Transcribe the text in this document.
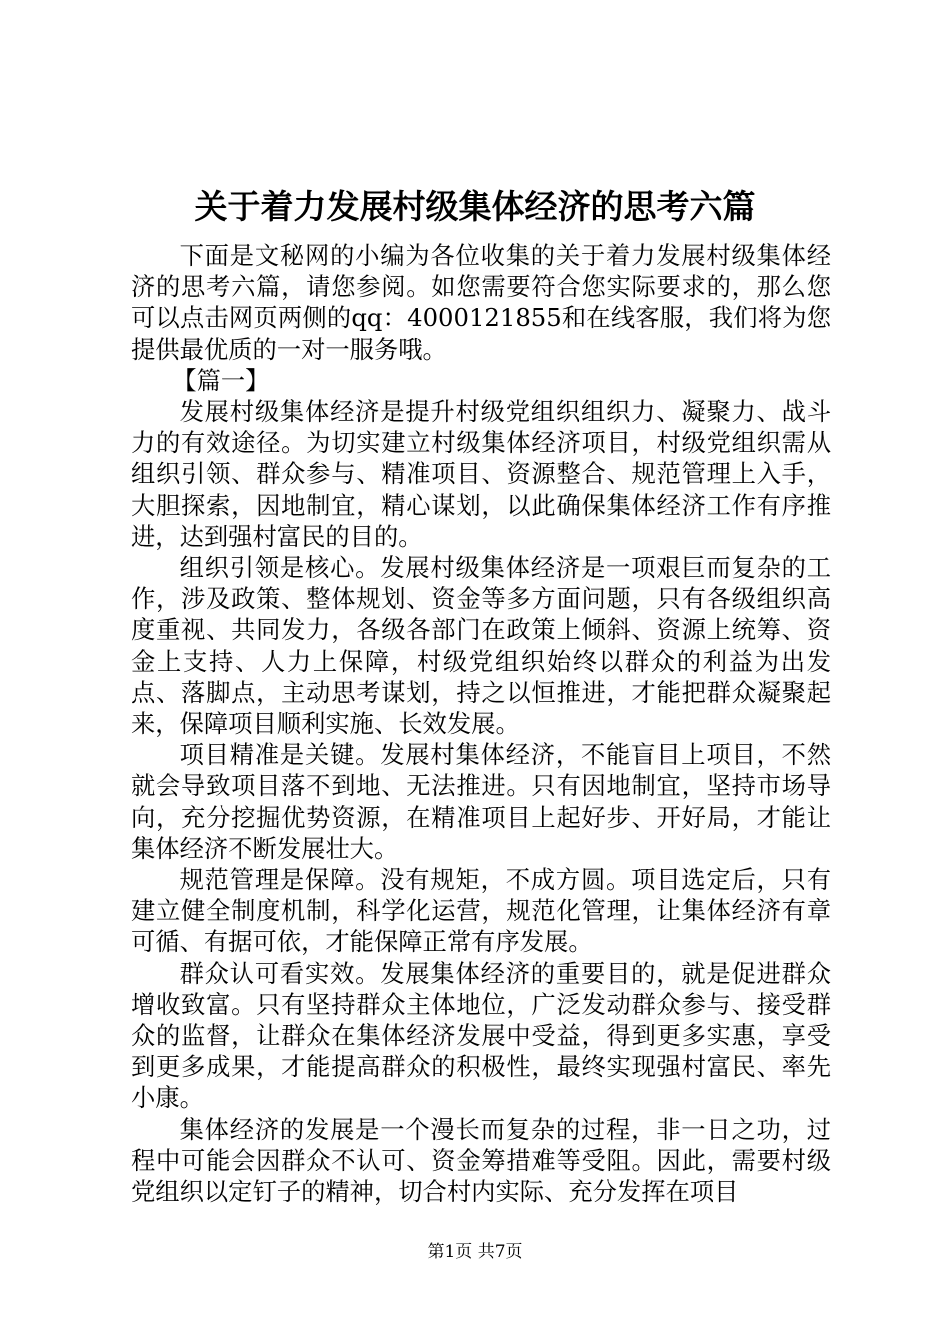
关于着力发展村级集体经济的思考六篇

下面是文秘网的小编为各位收集的关于着力发展村级集体经济的思考六篇，请您参阅。如您需要符合您实际要求的，那么您可以点击网页两侧的qq：4000121855和在线客服，我们将为您提供最优质的一对一服务哦。

【篇一】

发展村级集体经济是提升村级党组织组织力、凝聚力、战斗力的有效途径。为切实建立村级集体经济项目，村级党组织需从组织引领、群众参与、精准项目、资源整合、规范管理上入手，大胆探索，因地制宜，精心谋划，以此确保集体经济工作有序推进，达到强村富民的目的。

组织引领是核心。发展村级集体经济是一项艰巨而复杂的工作，涉及政策、整体规划、资金等多方面问题，只有各级组织高度重视、共同发力，各级各部门在政策上倾斜、资源上统筹、资金上支持、人力上保障，村级党组织始终以群众的利益为出发点、落脚点，主动思考谋划，持之以恒推进，才能把群众凝聚起来，保障项目顺利实施、长效发展。

项目精准是关键。发展村集体经济，不能盲目上项目，不然就会导致项目落不到地、无法推进。只有因地制宜，坚持市场导向，充分挖掘优势资源，在精准项目上起好步、开好局，才能让集体经济不断发展壮大。

规范管理是保障。没有规矩，不成方圆。项目选定后，只有建立健全制度机制，科学化运营，规范化管理，让集体经济有章可循、有据可依，才能保障正常有序发展。

群众认可看实效。发展集体经济的重要目的，就是促进群众增收致富。只有坚持群众主体地位，广泛发动群众参与、接受群众的监督，让群众在集体经济发展中受益，得到更多实惠，享受到更多成果，才能提高群众的积极性，最终实现强村富民、率先小康。

集体经济的发展是一个漫长而复杂的过程，非一日之功，过程中可能会因群众不认可、资金筹措难等受阻。因此，需要村级党组织以定钉子的精神，切合村内实际、充分发挥在项目

第1页 共7页
